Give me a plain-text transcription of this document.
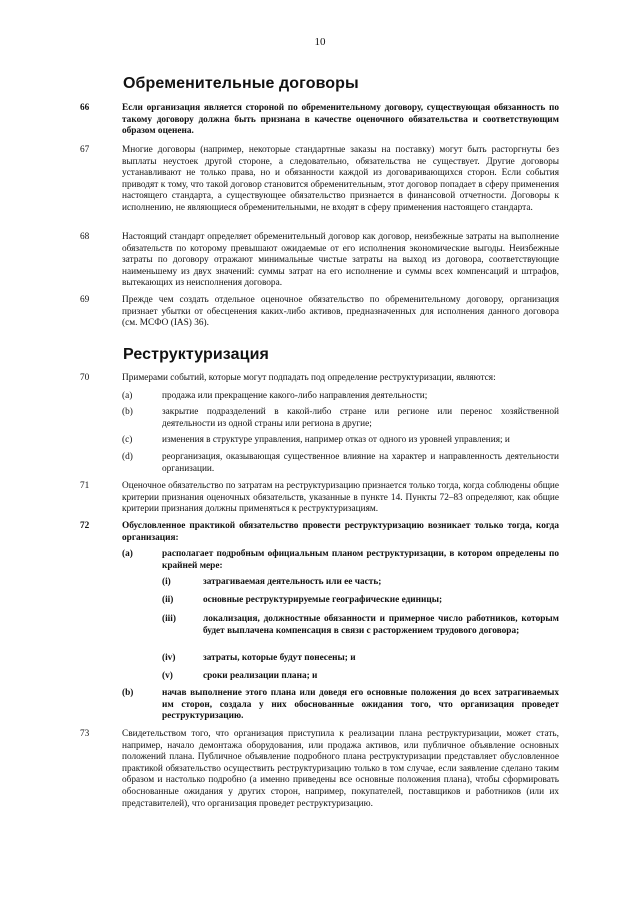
10
Обременительные договоры
66	Если организация является стороной по обременительному договору, существующая обязанность по такому договору должна быть признана в качестве оценочного обязательства и соответствующим образом оценена.
67	Многие договоры (например, некоторые стандартные заказы на поставку) могут быть расторгнуты без выплаты неустоек другой стороне, а следовательно, обязательства не существует. Другие договоры устанавливают не только права, но и обязанности каждой из договаривающихся сторон. Если события приводят к тому, что такой договор становится обременительным, этот договор попадает в сферу применения настоящего стандарта, а существующее обязательство признается в финансовой отчетности. Договоры к исполнению, не являющиеся обременительными, не входят в сферу применения настоящего стандарта.
68	Настоящий стандарт определяет обременительный договор как договор, неизбежные затраты на выполнение обязательств по которому превышают ожидаемые от его исполнения экономические выгоды. Неизбежные затраты по договору отражают минимальные чистые затраты на выход из договора, соответствующие наименьшему из двух значений: суммы затрат на его исполнение и суммы всех компенсаций и штрафов, вытекающих из неисполнения договора.
69	Прежде чем создать отдельное оценочное обязательство по обременительному договору, организация признает убытки от обесценения каких-либо активов, предназначенных для исполнения данного договора (см. МСФО (IAS) 36).
Реструктуризация
70	Примерами событий, которые могут подпадать под определение реструктуризации, являются:
(a)	продажа или прекращение какого-либо направления деятельности;
(b)	закрытие подразделений в какой-либо стране или регионе или перенос хозяйственной деятельности из одной страны или региона в другие;
(c)	изменения в структуре управления, например отказ от одного из уровней управления; и
(d)	реорганизация, оказывающая существенное влияние на характер и направленность деятельности организации.
71	Оценочное обязательство по затратам на реструктуризацию признается только тогда, когда соблюдены общие критерии признания оценочных обязательств, указанные в пункте 14. Пункты 72–83 определяют, как общие критерии признания должны применяться к реструктуризациям.
72	Обусловленное практикой обязательство провести реструктуризацию возникает только тогда, когда организация:
(a)	располагает подробным официальным планом реструктуризации, в котором определены по крайней мере:
(i)	затрагиваемая деятельность или ее часть;
(ii)	основные реструктурируемые географические единицы;
(iii)	локализация, должностные обязанности и примерное число работников, которым будет выплачена компенсация в связи с расторжением трудового договора;
(iv)	затраты, которые будут понесены; и
(v)	сроки реализации плана; и
(b)	начав выполнение этого плана или доведя его основные положения до всех затрагиваемых им сторон, создала у них обоснованные ожидания того, что организация проведет реструктуризацию.
73	Свидетельством того, что организация приступила к реализации плана реструктуризации, может стать, например, начало демонтажа оборудования, или продажа активов, или публичное объявление основных положений плана. Публичное объявление подробного плана реструктуризации представляет обусловленное практикой обязательство осуществить реструктуризацию только в том случае, если заявление сделано таким образом и настолько подробно (а именно приведены все основные положения плана), чтобы сформировать обоснованные ожидания у других сторон, например, покупателей, поставщиков и работников (или их представителей), что организация проведет реструктуризацию.
